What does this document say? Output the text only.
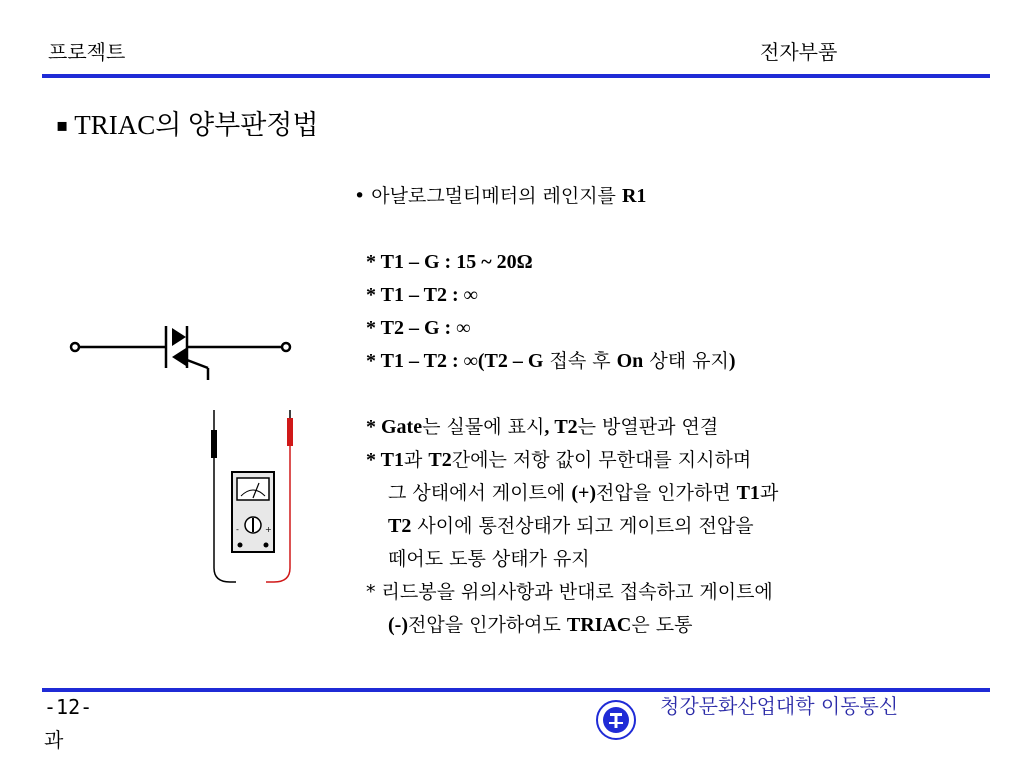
프로젝트	전자부품
▪ TRIAC의 양부판정법
-	+
• 아날로그멀티메터의 레인지를 R1
* T1 – G : 15 ~ 20Ω
* T1 – T2 : ∞
* T2 – G : ∞
* T1 – T2 : ∞(T2 – G 접속 후 On 상태 유지)
* Gate는 실물에 표시, T2는 방열판과 연결
* T1과 T2간에는 저항 값이 무한대를 지시하며
그 상태에서 게이트에 (+)전압을 인가하면 T1과
T2 사이에 통전상태가 되고 게이트의 전압을
떼어도 도통 상태가 유지
* 리드봉을 위의사항과 반대로 접속하고 게이트에
(-)전압을 인가하여도 TRIAC은 도통
-12-
과
청강문화산업대학 이동통신
